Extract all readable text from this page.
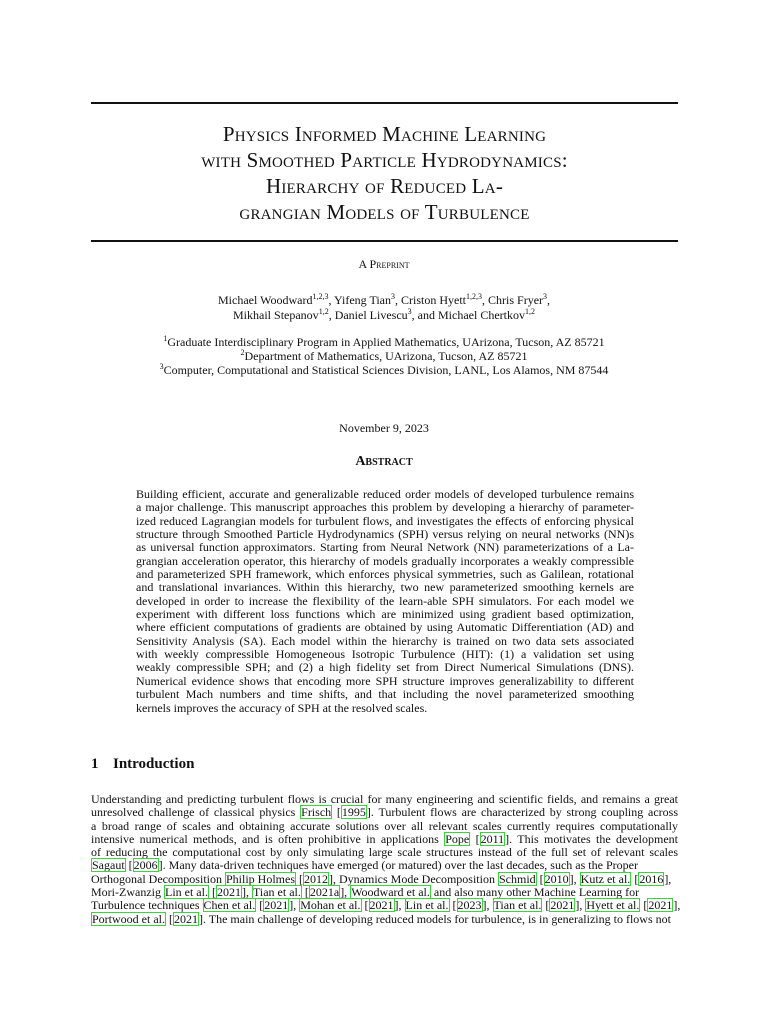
Physics Informed Machine Learning
with Smoothed Particle Hydrodynamics:
Hierarchy of Reduced La-
grangian Models of Turbulence
A Preprint
Michael Woodward$^{1,2,3}$, Yifeng Tian$^3$, Criston Hyett$^{1,2,3}$, Chris Fryer$^3$,
Mikhail Stepanov$^{1,2}$, Daniel Livescu$^3$, and Michael Chertkov$^{1,2}$
$^1$Graduate Interdisciplinary Program in Applied Mathematics, UArizona, Tucson, AZ 85721
$^2$Department of Mathematics, UArizona, Tucson, AZ 85721
$^3$Computer, Computational and Statistical Sciences Division, LANL, Los Alamos, NM 87544
November 9, 2023
Abstract
Building efficient, accurate and generalizable reduced order models of developed turbulence remains
a major challenge. This manuscript approaches this problem by developing a hierarchy of parameter-
ized reduced Lagrangian models for turbulent flows, and investigates the effects of enforcing physical
structure through Smoothed Particle Hydrodynamics (SPH) versus relying on neural networks (NN)s
as universal function approximators. Starting from Neural Network (NN) parameterizations of a La-
grangian acceleration operator, this hierarchy of models gradually incorporates a weakly compressible
and parameterized SPH framework, which enforces physical symmetries, such as Galilean, rotational
and translational invariances. Within this hierarchy, two new parameterized smoothing kernels are
developed in order to increase the flexibility of the learn-able SPH simulators. For each model we
experiment with different loss functions which are minimized using gradient based optimization,
where efficient computations of gradients are obtained by using Automatic Differentiation (AD) and
Sensitivity Analysis (SA). Each model within the hierarchy is trained on two data sets associated
with weekly compressible Homogeneous Isotropic Turbulence (HIT): (1) a validation set using
weakly compressible SPH; and (2) a high fidelity set from Direct Numerical Simulations (DNS).
Numerical evidence shows that encoding more SPH structure improves generalizability to different
turbulent Mach numbers and time shifts, and that including the novel parameterized smoothing
kernels improves the accuracy of SPH at the resolved scales.
1 Introduction
Understanding and predicting turbulent flows is crucial for many engineering and scientific fields, and remains a great
unresolved challenge of classical physics Frisch [1995]. Turbulent flows are characterized by strong coupling across
a broad range of scales and obtaining accurate solutions over all relevant scales currently requires computationally
intensive numerical methods, and is often prohibitive in applications Pope [2011]. This motivates the development
of reducing the computational cost by only simulating large scale structures instead of the full set of relevant scales
Sagaut [2006]. Many data-driven techniques have emerged (or matured) over the last decades, such as the Proper
Orthogonal Decomposition Philip Holmes [2012], Dynamics Mode Decomposition Schmid [2010], Kutz et al. [2016],
Mori-Zwanzig Lin et al. [2021], Tian et al. [2021a], Woodward et al. and also many other Machine Learning for
Turbulence techniques Chen et al. [2021], Mohan et al. [2021], Lin et al. [2023], Tian et al. [2021], Hyett et al. [2021],
Portwood et al. [2021]. The main challenge of developing reduced models for turbulence, is in generalizing to flows not
